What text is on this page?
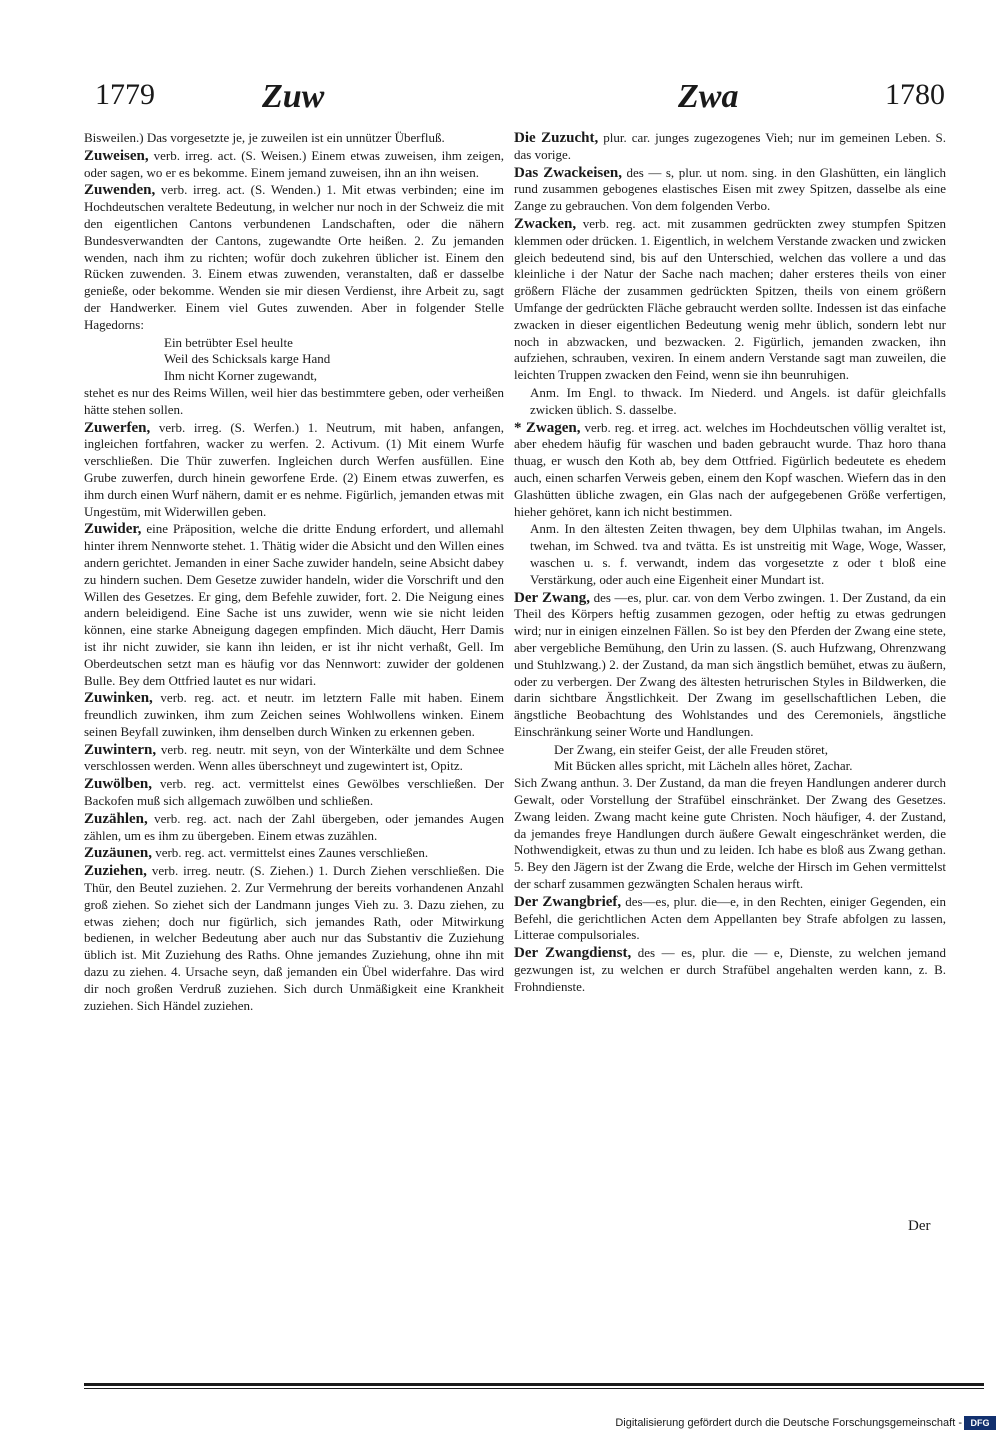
1779	Zuw	Zwa	1780

Bisweilen.) Das vorgesetzte je, je zuweilen ist ein unnützer Überfluß.

Zuweisen, verb. irreg. act. (S. Weisen.) Einem etwas zuweisen, ihm zeigen, oder sagen, wo er es bekomme. Einem jemand zuweisen, ihn an ihn weisen.

Zuwenden, verb. irreg. act. (S. Wenden.) 1. Mit etwas verbinden; eine im Hochdeutschen veraltete Bedeutung, in welcher nur noch in der Schweiz die mit den eigentlichen Cantons verbundenen Landschaften, oder die nähern Bundesverwandten der Cantons, zugewandte Orte heißen. 2. Zu jemanden wenden, nach ihm zu richten; wofür doch zukehren üblicher ist. Einem den Rücken zuwenden. 3. Einem etwas zuwenden, veranstalten, daß er dasselbe genieße, oder bekomme. Wenden sie mir diesen Verdienst, ihre Arbeit zu, sagt der Handwerker. Einem viel Gutes zuwenden. Aber in folgender Stelle Hagedorns:

Ein betrübter Esel heulte

Weil des Schicksals karge Hand

Ihm nicht Korner zugewandt,

stehet es nur des Reims Willen, weil hier das bestimmtere geben, oder verheißen hätte stehen sollen.

Zuwerfen, verb. irreg. (S. Werfen.) 1. Neutrum, mit haben, anfangen, ingleichen fortfahren, wacker zu werfen. 2. Activum. (1) Mit einem Wurfe verschließen. Die Thür zuwerfen. Ingleichen durch Werfen ausfüllen. Eine Grube zuwerfen, durch hinein geworfene Erde. (2) Einem etwas zuwerfen, es ihm durch einen Wurf nähern, damit er es nehme. Figürlich, jemanden etwas mit Ungestüm, mit Widerwillen geben.

Zuwider, eine Präposition, welche die dritte Endung erfordert, und allemahl hinter ihrem Nennworte stehet. 1. Thätig wider die Absicht und den Willen eines andern gerichtet. Jemanden in einer Sache zuwider handeln, seine Absicht dabey zu hindern suchen. Dem Gesetze zuwider handeln, wider die Vorschrift und den Willen des Gesetzes. Er ging, dem Befehle zuwider, fort. 2. Die Neigung eines andern beleidigend. Eine Sache ist uns zuwider, wenn wie sie nicht leiden können, eine starke Abneigung dagegen empfinden. Mich däucht, Herr Damis ist ihr nicht zuwider, sie kann ihn leiden, er ist ihr nicht verhaßt, Gell. Im Oberdeutschen setzt man es häufig vor das Nennwort: zuwider der goldenen Bulle. Bey dem Ottfried lautet es nur widari.

Zuwinken, verb. reg. act. et neutr. im letztern Falle mit haben. Einem freundlich zuwinken, ihm zum Zeichen seines Wohlwollens winken. Einem seinen Beyfall zuwinken, ihm denselben durch Winken zu erkennen geben.

Zuwintern, verb. reg. neutr. mit seyn, von der Winterkälte und dem Schnee verschlossen werden. Wenn alles überschneyt und zugewintert ist, Opitz.

Zuwölben, verb. reg. act. vermittelst eines Gewölbes verschließen. Der Backofen muß sich allgemach zuwölben und schließen.

Zuzählen, verb. reg. act. nach der Zahl übergeben, oder jemandes Augen zählen, um es ihm zu übergeben. Einem etwas zuzählen.

Zuzäunen, verb. reg. act. vermittelst eines Zaunes verschließen.

Zuziehen, verb. irreg. neutr. (S. Ziehen.) 1. Durch Ziehen verschließen. Die Thür, den Beutel zuziehen. 2. Zur Vermehrung der bereits vorhandenen Anzahl groß ziehen. So ziehet sich der Landmann junges Vieh zu. 3. Dazu ziehen, zu etwas ziehen; doch nur figürlich, sich jemandes Rath, oder Mitwirkung bedienen, in welcher Bedeutung aber auch nur das Substantiv die Zuziehung üblich ist. Mit Zuziehung des Raths. Ohne jemandes Zuziehung, ohne ihn mit dazu zu ziehen. 4. Ursache seyn, daß jemanden ein Übel widerfahre. Das wird dir noch großen Verdruß zuziehen. Sich durch Unmäßigkeit eine Krankheit zuziehen. Sich Händel zuziehen.

Die Zuzucht, plur. car. junges zugezogenes Vieh; nur im gemeinen Leben. S. das vorige.

Das Zwackeisen, des — s, plur. ut nom. sing. in den Glashütten, ein länglich rund zusammen gebogenes elastisches Eisen mit zwey Spitzen, dasselbe als eine Zange zu gebrauchen. Von dem folgenden Verbo.

Zwacken, verb. reg. act. mit zusammen gedrückten zwey stumpfen Spitzen klemmen oder drücken. 1. Eigentlich, in welchem Verstande zwacken und zwicken gleich bedeutend sind, bis auf den Unterschied, welchen das vollere a und das kleinliche i der Natur der Sache nach machen; daher ersteres theils von einer größern Fläche der zusammen gedrückten Spitzen, theils von einem größern Umfange der gedrückten Fläche gebraucht werden sollte. Indessen ist das einfache zwacken in dieser eigentlichen Bedeutung wenig mehr üblich, sondern lebt nur noch in abzwacken, und bezwacken. 2. Figürlich, jemanden zwacken, ihn aufziehen, schrauben, vexiren. In einem andern Verstande sagt man zuweilen, die leichten Truppen zwacken den Feind, wenn sie ihn beunruhigen.

Anm. Im Engl. to thwack. Im Niederd. und Angels. ist dafür gleichfalls zwicken üblich. S. dasselbe.

* Zwagen, verb. reg. et irreg. act. welches im Hochdeutschen völlig veraltet ist, aber ehedem häufig für waschen und baden gebraucht wurde. Thaz horo thana thuag, er wusch den Koth ab, bey dem Ottfried. Figürlich bedeutete es ehedem auch, einen scharfen Verweis geben, einem den Kopf waschen. Wiefern das in den Glashütten übliche zwagen, ein Glas nach der aufgegebenen Größe verfertigen, hieher gehöret, kann ich nicht bestimmen.

Anm. In den ältesten Zeiten thwagen, bey dem Ulphilas twahan, im Angels. twehan, im Schwed. tva and tvätta. Es ist unstreitig mit Wage, Woge, Wasser, waschen u. s. f. verwandt, indem das vorgesetzte z oder t bloß eine Verstärkung, oder auch eine Eigenheit einer Mundart ist.

Der Zwang, des —es, plur. car. von dem Verbo zwingen. 1. Der Zustand, da ein Theil des Körpers heftig zusammen gezogen, oder heftig zu etwas gedrungen wird; nur in einigen einzelnen Fällen. So ist bey den Pferden der Zwang eine stete, aber vergebliche Bemühung, den Urin zu lassen. (S. auch Hufzwang, Ohrenzwang und Stuhlzwang.) 2. der Zustand, da man sich ängstlich bemühet, etwas zu äußern, oder zu verbergen. Der Zwang des ältesten hetrurischen Styles in Bildwerken, die darin sichtbare Ängstlichkeit. Der Zwang im gesellschaftlichen Leben, die ängstliche Beobachtung des Wohlstandes und des Ceremoniels, ängstliche Einschränkung seiner Worte und Handlungen.

Der Zwang, ein steifer Geist, der alle Freuden störet,

Mit Bücken alles spricht, mit Lächeln alles höret, Zachar.

Sich Zwang anthun. 3. Der Zustand, da man die freyen Handlungen anderer durch Gewalt, oder Vorstellung der Strafübel einschränket. Der Zwang des Gesetzes. Zwang leiden. Zwang macht keine gute Christen. Noch häufiger, 4. der Zustand, da jemandes freye Handlungen durch äußere Gewalt eingeschränket werden, die Nothwendigkeit, etwas zu thun und zu leiden. Ich habe es bloß aus Zwang gethan. 5. Bey den Jägern ist der Zwang die Erde, welche der Hirsch im Gehen vermittelst der scharf zusammen gezwängten Schalen heraus wirft.

Der Zwangbrief, des—es, plur. die—e, in den Rechten, einiger Gegenden, ein Befehl, die gerichtlichen Acten dem Appellanten bey Strafe abfolgen zu lassen, Litterae compulsoriales.

Der Zwangdienst, des — es, plur. die — e, Dienste, zu welchen jemand gezwungen ist, zu welchen er durch Strafübel angehalten werden kann, z. B. Frohndienste.

Der
Digitalisierung gefördert durch die Deutsche Forschungsgemeinschaft - DFG
